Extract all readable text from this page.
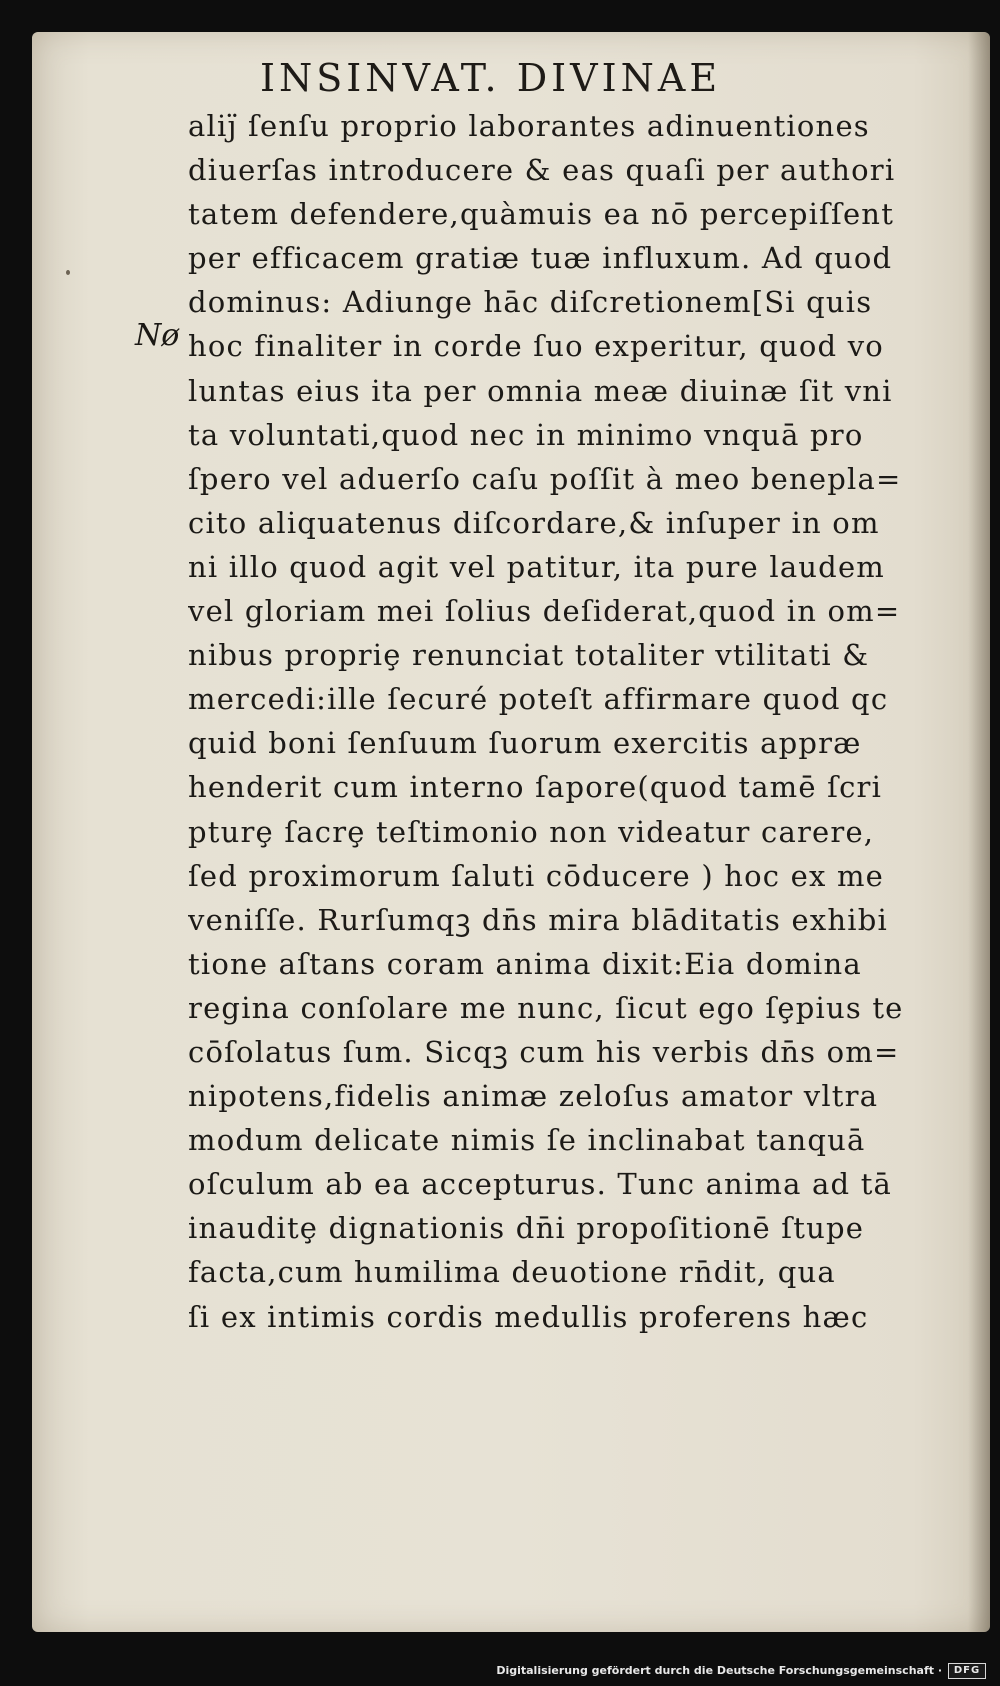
INSINVAT. DIVINAE
Nø
aliȷ̈ ſenſu proprio laborantes adinuentiones
diuerſas introducere & eas quaſi per authori
tatem defendere,quàmuis ea nō percepiſſent
per efficacem gratiæ tuæ influxum. Ad quod
dominus: Adiunge hāc diſcretionem[Si quis
hoc finaliter in corde ſuo experitur, quod vo
luntas eius ita per omnia meæ diuinæ ſit vni
ta voluntati,quod nec in minimo vnquā pro
ſpero vel aduerſo caſu poſſit à meo benepla=
cito aliquatenus diſcordare,& inſuper in om
ni illo quod agit vel patitur, ita pure laudem
vel gloriam mei ſolius deſiderat,quod in om=
nibus propriȩ renunciat totaliter vtilitati &
mercedi:ille ſecuré poteſt affirmare quod qc
quid boni ſenſuum ſuorum exercitis appræ
henderit cum interno ſapore(quod tamē ſcri
pturȩ ſacrȩ teſtimonio non videatur carere,
ſed proximorum ſaluti cōducere ) hoc ex me
veniſſe. Rurſumqꝫ dn̄s mira blāditatis exhibi
tione aſtans coram anima dixit:Eia domina
regina conſolare me nunc, ſicut ego ſȩpius te
cōſolatus ſum. Sicqꝫ cum his verbis dn̄s om=
nipotens,fidelis animæ zeloſus amator vltra
modum delicate nimis ſe inclinabat tanquā
oſculum ab ea accepturus. Tunc anima ad tā
inauditȩ dignationis dn̄i propoſitionē ſtupe
facta,cum humilima deuotione rn̄dit, qua
ſi ex intimis cordis medullis proferens hæc
Digitalisierung gefördert durch die Deutsche Forschungsgemeinschaft ·	DFG
